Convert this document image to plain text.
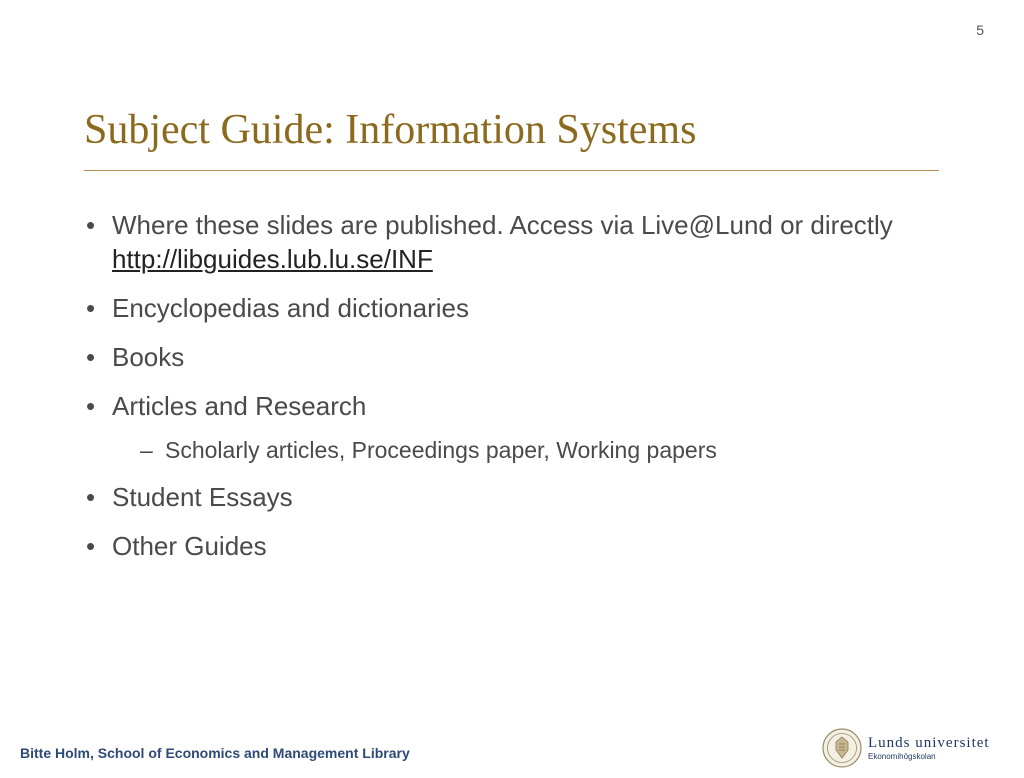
5
Subject Guide: Information Systems
• Where these slides are published. Access via Live@Lund or directly http://libguides.lub.lu.se/INF
• Encyclopedias and dictionaries
• Books
• Articles and Research
– Scholarly articles, Proceedings paper, Working papers
• Student Essays
• Other Guides
Bitte Holm, School of Economics and Management Library
Lunds universitet
Ekonomihögskolan
